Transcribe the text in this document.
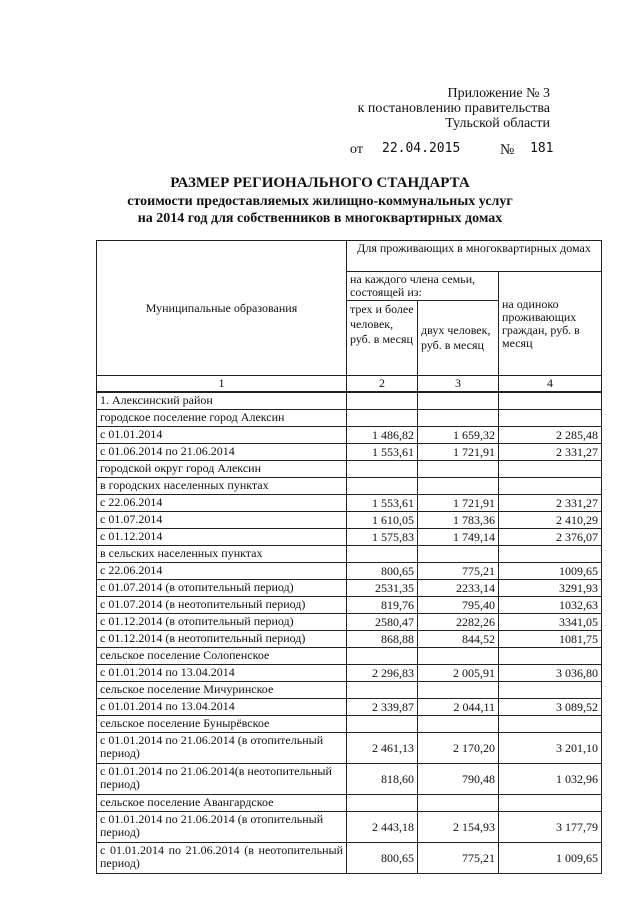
Приложение № 3
к постановлению правительства
Тульской области
от 22.04.2015	№ 181
РАЗМЕР РЕГИОНАЛЬНОГО СТАНДАРТА
стоимости предоставляемых жилищно-коммунальных услуг
на 2014 год для собственников в многоквартирных домах
Муниципальные образования	Для проживающих в многоквартирных домах		
	на каждого члена семьи, состоящей из:		на одиноко проживающих граждан, руб. в месяц
	трех и более человек, руб. в месяц	двух человек, руб. в месяц	
1	2	3	4
1. Алексинский район			
городское поселение город Алексин			
с 01.01.2014	1 486,82	1 659,32	2 285,48
с 01.06.2014 по 21.06.2014	1 553,61	1 721,91	2 331,27
городской округ город Алексин			
в городских населенных пунктах			
с 22.06.2014	1 553,61	1 721,91	2 331,27
с 01.07.2014	1 610,05	1 783,36	2 410,29
с 01.12.2014	1 575,83	1 749,14	2 376,07
в сельских населенных пунктах			
с 22.06.2014	800,65	775,21	1009,65
с 01.07.2014 (в отопительный период)	2531,35	2233,14	3291,93
с 01.07.2014 (в неотопительный период)	819,76	795,40	1032,63
с 01.12.2014 (в отопительный период)	2580,47	2282,26	3341,05
с 01.12.2014 (в неотопительный период)	868,88	844,52	1081,75
сельское поселение Солопенское			
с 01.01.2014 по 13.04.2014	2 296,83	2 005,91	3 036,80
сельское поселение Мичуринское			
с 01.01.2014 по 13.04.2014	2 339,87	2 044,11	3 089,52
сельское поселение Бунырёвское			
с 01.01.2014 по 21.06.2014 (в отопительный период)	2 461,13	2 170,20	3 201,10
с 01.01.2014 по 21.06.2014(в неотопительный период)	818,60	790,48	1 032,96
сельское поселение Авангардское			
с 01.01.2014 по 21.06.2014 (в отопительный период)	2 443,18	2 154,93	3 177,79
с 01.01.2014 по 21.06.2014 (в неотопительный период)	800,65	775,21	1 009,65
